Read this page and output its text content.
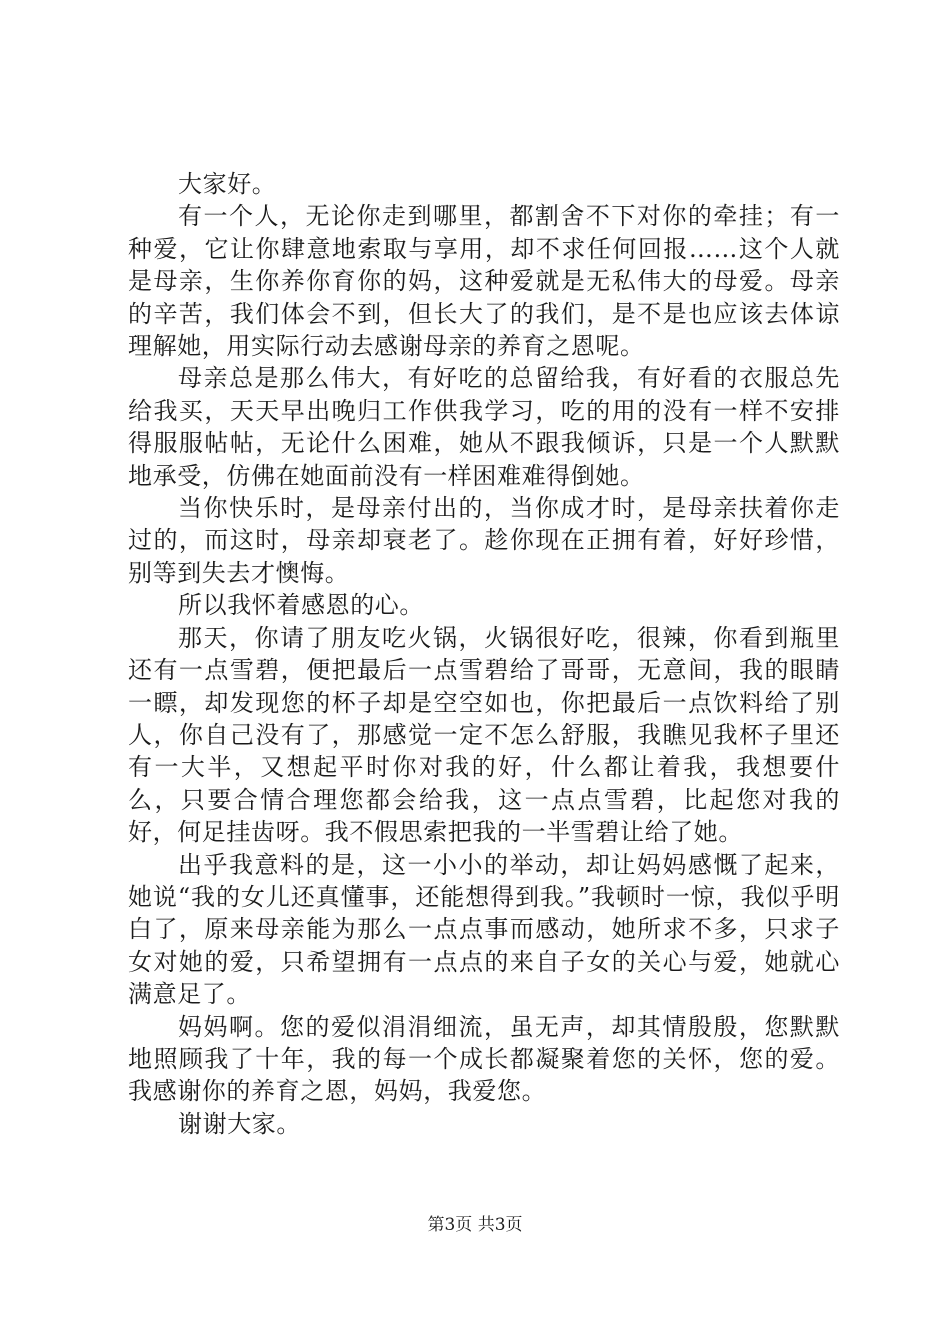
大家好。

有一个人，无论你走到哪里，都割舍不下对你的牵挂；有一种爱，它让你肆意地索取与享用，却不求任何回报……这个人就是母亲，生你养你育你的妈，这种爱就是无私伟大的母爱。母亲的辛苦，我们体会不到，但长大了的我们，是不是也应该去体谅理解她，用实际行动去感谢母亲的养育之恩呢。

母亲总是那么伟大，有好吃的总留给我，有好看的衣服总先给我买，天天早出晚归工作供我学习，吃的用的没有一样不安排得服服帖帖，无论什么困难，她从不跟我倾诉，只是一个人默默地承受，仿佛在她面前没有一样困难难得倒她。

当你快乐时，是母亲付出的，当你成才时，是母亲扶着你走过的，而这时，母亲却衰老了。趁你现在正拥有着，好好珍惜，别等到失去才懊悔。

所以我怀着感恩的心。

那天，你请了朋友吃火锅，火锅很好吃，很辣，你看到瓶里还有一点雪碧，便把最后一点雪碧给了哥哥，无意间，我的眼睛一瞟，却发现您的杯子却是空空如也，你把最后一点饮料给了别人，你自己没有了，那感觉一定不怎么舒服，我瞧见我杯子里还有一大半，又想起平时你对我的好，什么都让着我，我想要什么，只要合情合理您都会给我，这一点点雪碧，比起您对我的好，何足挂齿呀。我不假思索把我的一半雪碧让给了她。

出乎我意料的是，这一小小的举动，却让妈妈感慨了起来，她说“我的女儿还真懂事，还能想得到我。”我顿时一惊，我似乎明白了，原来母亲能为那么一点点事而感动，她所求不多，只求子女对她的爱，只希望拥有一点点的来自子女的关心与爱，她就心满意足了。

妈妈啊。您的爱似涓涓细流，虽无声，却其情殷殷，您默默地照顾我了十年，我的每一个成长都凝聚着您的关怀，您的爱。我感谢你的养育之恩，妈妈，我爱您。

谢谢大家。

第3页 共3页
